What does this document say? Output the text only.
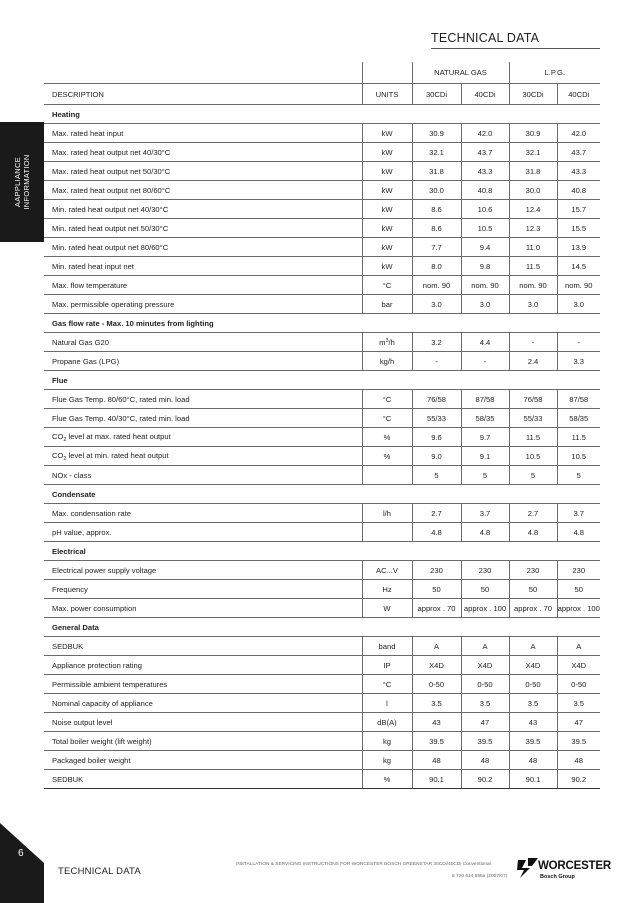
TECHNICAL DATA
AAPPLIANCE
INFORMATION
		NATURAL GAS		L.P.G.	
DESCRIPTION	UNITS	30CDi	40CDi	30CDi	40CDi
Heating					
Max. rated heat input	kW	30.9	42.0	30.9	42.0
Max. rated heat output net 40/30°C	kW	32.1	43.7	32.1	43.7
Max. rated heat output net 50/30°C	kW	31.8	43.3	31.8	43.3
Max. rated heat output net 80/60°C	kW	30.0	40.8	30.0	40.8
Min. rated heat output net 40/30°C	kW	8.6	10.6	12.4	15.7
Min. rated heat output net 50/30°C	kW	8.6	10.5	12.3	15.5
Min. rated heat output net 80/60°C	kW	7.7	9.4	11.0	13.9
Min. rated heat input net	kW	8.0	9.8	11.5	14.5
Max. flow temperature	°C	nom. 90	nom. 90	nom. 90	nom. 90
Max. permissible operating pressure	bar	3.0	3.0	3.0	3.0
Gas flow rate - Max. 10 minutes from lighting					
Natural Gas G20	$m^3/h$	3.2	4.4	-	-
Propane Gas (LPG)	kg/h	-	-	2.4	3.3
Flue					
Flue Gas Temp. 80/60°C, rated min. load	°C	76/58	87/58	76/58	87/58
Flue Gas Temp. 40/30°C, rated min. load	°C	55/33	58/35	55/33	58/35
$CO_2$ level at max. rated heat output	%	9.6	9.7	11.5	11.5
$CO_2$ level at min. rated heat output	%	9.0	9.1	10.5	10.5
NOx - class		5	5	5	5
Condensate					
Max. condensation rate	l/h	2.7	3.7	2.7	3.7
pH value, approx.		4.8	4.8	4.8	4.8
Electrical					
Electrical power supply voltage	AC...V	230	230	230	230
Frequency	Hz	50	50	50	50
Max. power consumption	W	approx . 70	approx . 100	approx . 70	approx . 100
General Data					
SEDBUK	band	A	A	A	A
Appliance protection rating	IP	X4D	X4D	X4D	X4D
Permissible ambient temperatures	°C	0-50	0-50	0-50	0-50
Nominal capacity of appliance	l	3.5	3.5	3.5	3.5
Noise output level	dB(A)	43	47	43	47
Total boiler weight (lift weight)	kg	39.5	39.5	39.5	39.5
Packaged boiler weight	kg	48	48	48	48
SEDBUK	%	90.1	90.2	90.1	90.2
6
TECHNICAL DATA
INSTALLATION & SERVICING INSTRUCTIONS FOR WORCESTER BOSCH GREENSTAR 30CDi/40CDi Conventional
6 720 614 556a (2007/07)
WORCESTER
Bosch Group
